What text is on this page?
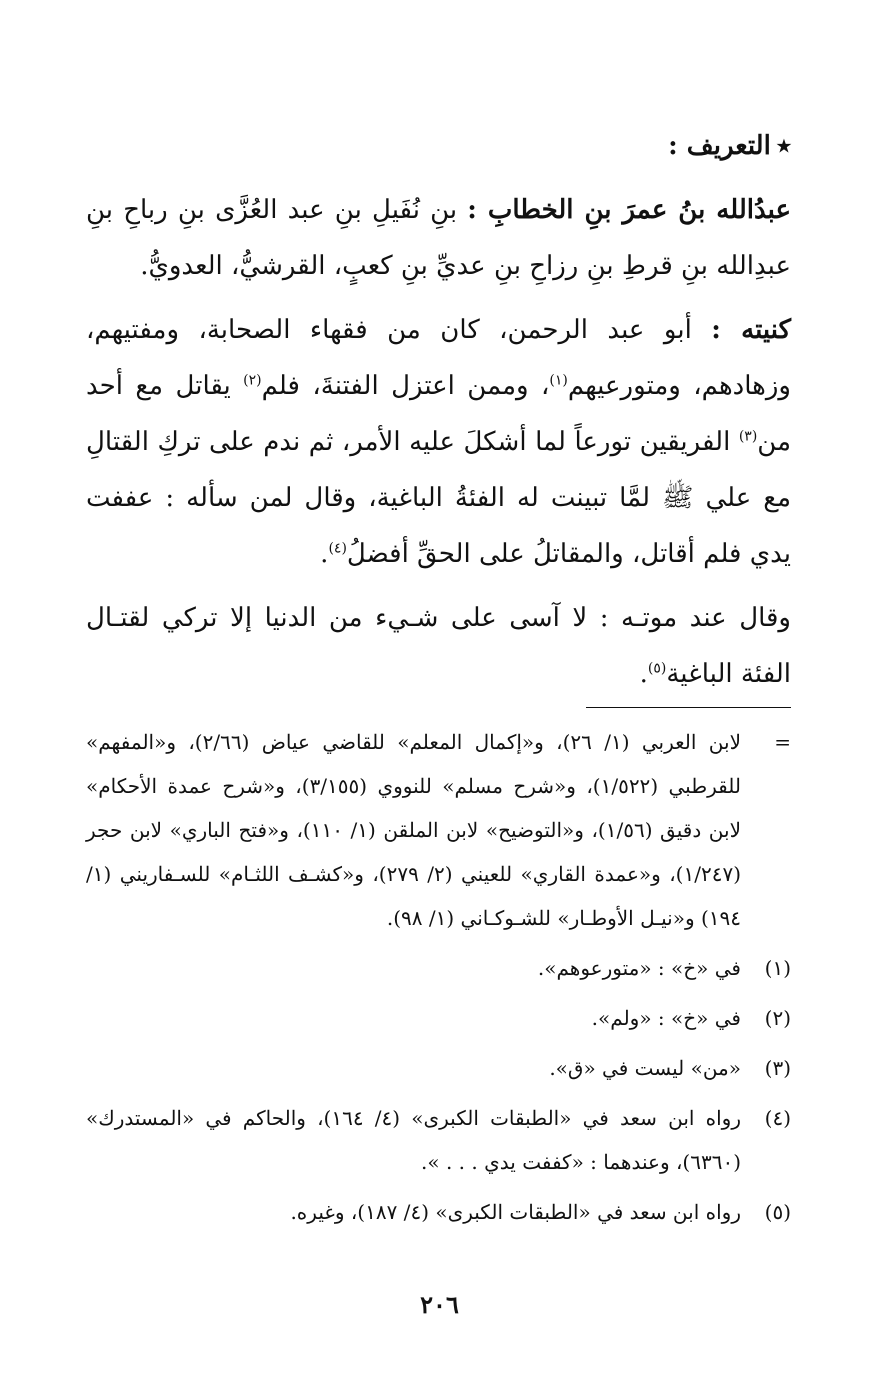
٭التعريف :

عبدُالله بنُ عمرَ بنِ الخطابِ : بنِ نُفَيلِ بنِ عبد العُزَّى بنِ رباحِ بنِ عبدِالله بنِ قرطِ بنِ رزاحِ بنِ عديِّ بنِ كعبٍ، القرشيُّ، العدويُّ.

كنيته : أبو عبد الرحمن، كان من فقهاء الصحابة، ومفتيهم، وزهادهم، ومتورعيهم$^{(١)}$، وممن اعتزل الفتنةَ، فلم$^{(٢)}$ يقاتل مع أحد من$^{(٣)}$ الفريقين تورعاً لما أشكلَ عليه الأمر، ثم ندم على تركِ القتالِ مع علي ﷺ لمَّا تبينت له الفئةُ الباغية، وقال لمن سأله : عففت يدي فلم أقاتل، والمقاتلُ على الحقِّ أفضلُ$^{(٤)}$.

وقال عند موتـه : لا آسى على شـيء من الدنيا إلا تركي لقتـال الفئة الباغية$^{(٥)}$.

=
لابن العربي (١/ ٢٦)، و«إكمال المعلم» للقاضي عياض (٢/٦٦)، و«المفهم» للقرطبي (١/٥٢٢)، و«شرح مسلم» للنووي (٣/١٥٥)، و«شرح عمدة الأحكام» لابن دقيق (١/٥٦)، و«التوضيح» لابن الملقن (١/ ١١٠)، و«فتح الباري» لابن حجر (١/٢٤٧)، و«عمدة القاري» للعيني (٢/ ٢٧٩)، و«كشـف اللثـام» للسـفاريني (١/ ١٩٤) و«نيـل الأوطـار» للشـوكـاني (١/ ٩٨).
(١)
في «خ» : «متورعوهم».
(٢)
في «خ» : «ولم».
(٣)
«من» ليست في «ق».
(٤)
رواه ابن سعد في «الطبقات الكبرى» (٤/ ١٦٤)، والحاكم في «المستدرك» (٦٣٦٠)، وعندهما : «كففت يدي . . . ».
(٥)
رواه ابن سعد في «الطبقات الكبرى» (٤/ ١٨٧)، وغيره.
٢٠٦
